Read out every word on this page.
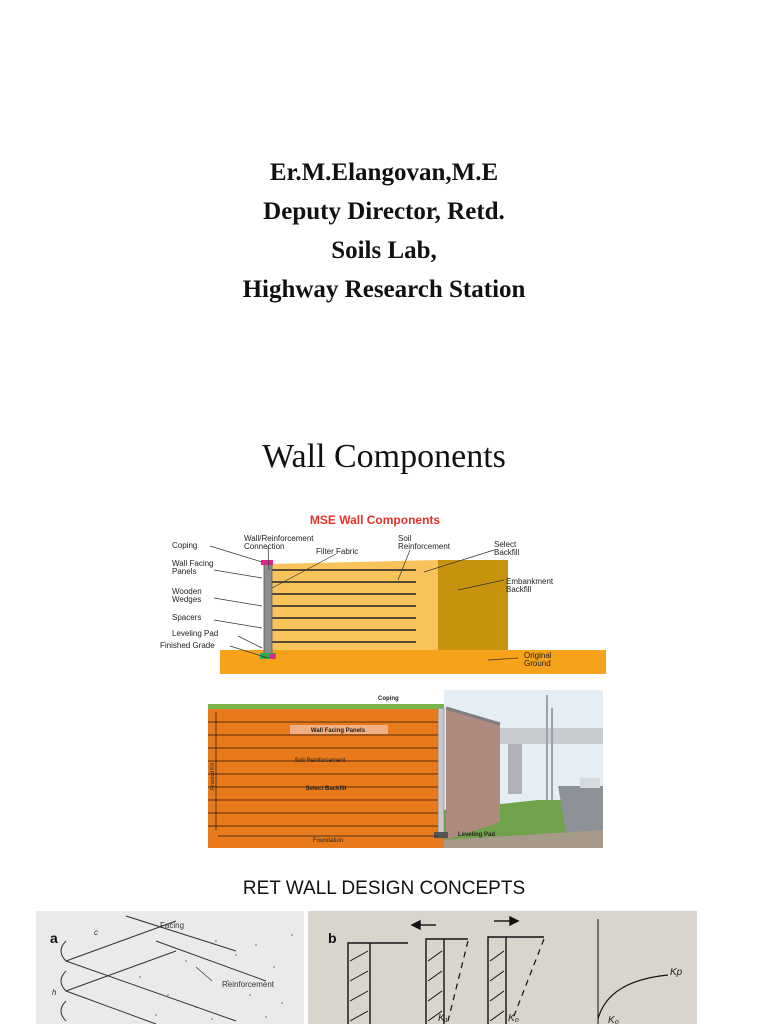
Er.M.Elangovan,M.E
Deputy Director, Retd.
Soils Lab,
Highway Research Station
Wall Components
MSE Wall Components
Coping
Wall/Reinforcement
Connection
Filter Fabric
Soil
Reinforcement	Select
Backfill
Wall Facing
Panels
Wooden
Wedges
Embankment
Backfill
Spacers
Leveling Pad
Finished Grade
Original
Ground
Coping
Wall Facing Panels
Soil Reinforcement
Select Backfill
Foundation
Leveling Pad
Finished Fill
RET WALL DESIGN CONCEPTS
a
Facing
Reinforcement
c
h
b
K₁	K₀
Kp
K₀
